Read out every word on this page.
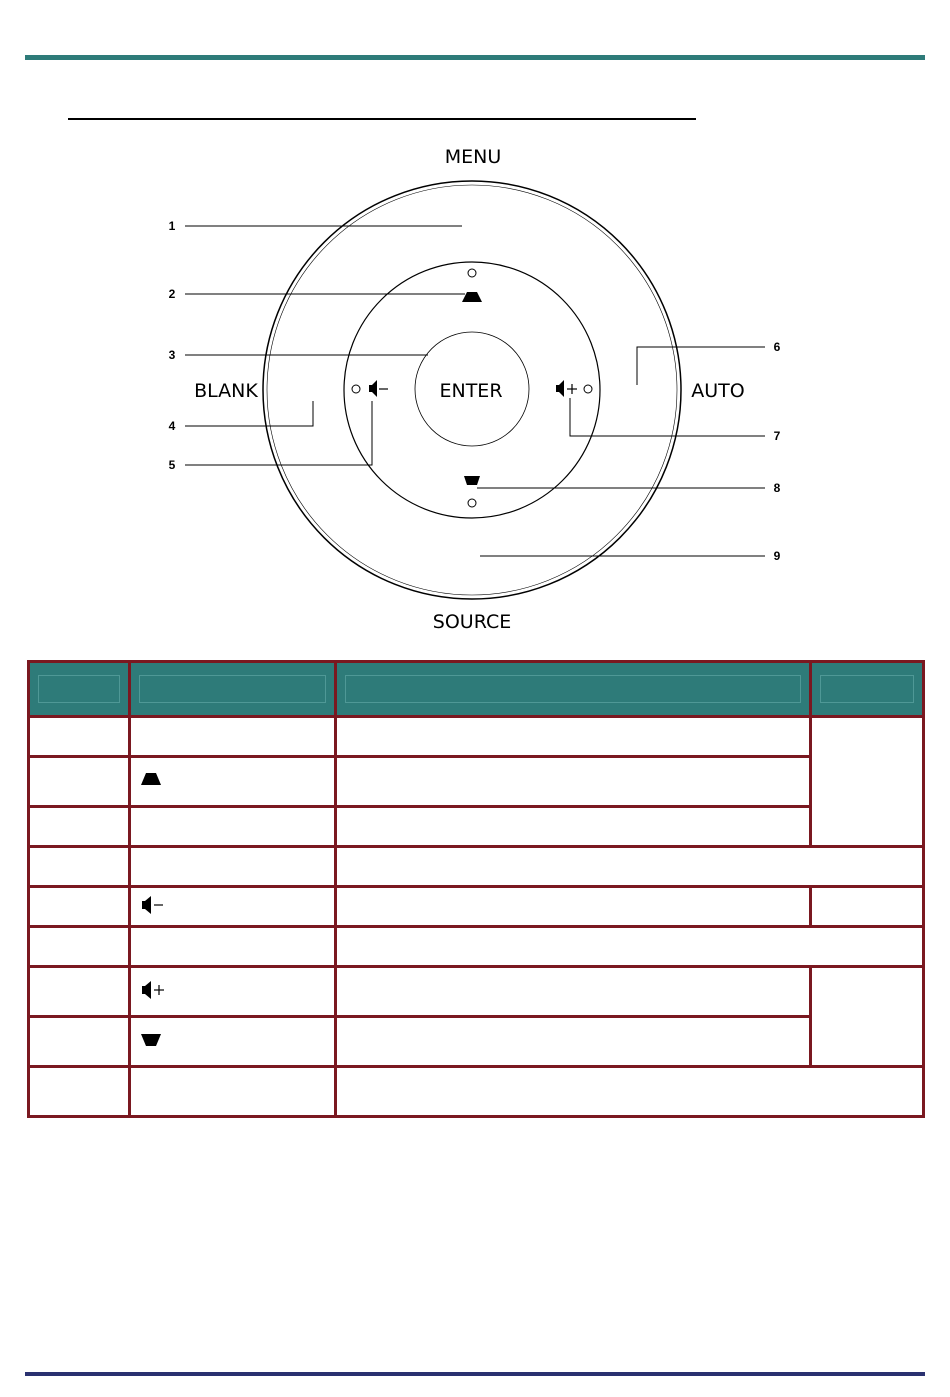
MENU
BLANK	ENTER	AUTO
SOURCE
1
2
3
4
5
6
7
8
9
